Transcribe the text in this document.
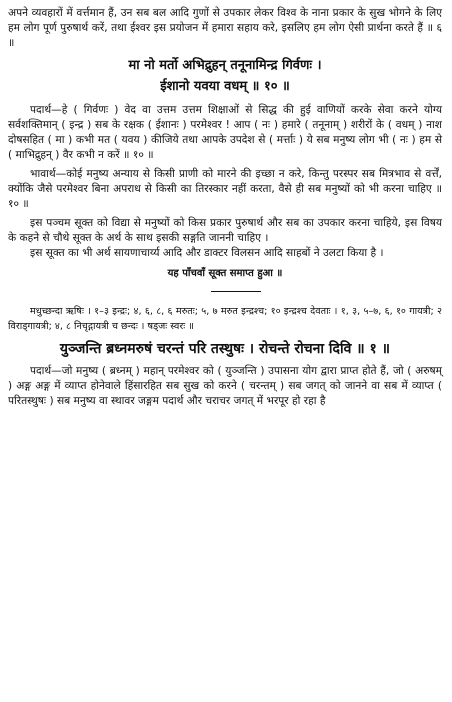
अपने व्यवहारों में वर्त्तमान हैं, उन सब बल आदि गुणों से उपकार लेकर विश्व के नाना प्रकार के सुख भोगने के लिए हम लोग पूर्ण पुरुषार्थ करें, तथा ईश्वर इस प्रयोजन में हमारा सहाय करे, इसलिए हम लोग ऐसी प्रार्थना करते हैं ॥ ६ ॥

मा नो मर्तो अभिद्रुहन् तनूनामिन्द्र गिर्वणः ।

ईशानो यवया वधम् ॥ १० ॥

पदार्थ—हे ( गिर्वणः ) वेद वा उत्तम उत्तम शिक्षाओं से सिद्ध की हुई वाणियों करके सेवा करने योग्य सर्वशक्तिमान् ( इन्द्र ) सब के रक्षक ( ईशानः ) परमेश्वर ! आप ( नः ) हमारे ( तनूनाम् ) शरीरों के ( वधम् ) नाश दोषसहित ( मा ) कभी मत ( यवय ) कीजिये तथा आपके उपदेश से ( मर्त्ताः ) ये सब मनुष्य लोग भी ( नः ) हम से ( माभिद्रुहन् ) वैर कभी न करें ॥ १० ॥

भावार्थ—कोई मनुष्य अन्याय से किसी प्राणी को मारने की इच्छा न करे, किन्तु परस्पर सब मित्रभाव से वर्त्तें, क्योंकि जैसे परमेश्वर बिना अपराध से किसी का तिरस्कार नहीं करता, वैसे ही सब मनुष्यों को भी करना चाहिए ॥ १० ॥

इस पञ्चम सूक्त को विद्या से मनुष्यों को किस प्रकार पुरुषार्थ और सब का उपकार करना चाहिये, इस विषय के कहने से चौथे सूक्त के अर्थ के साथ इसकी सङ्गति जाननी चाहिए ।

इस सूक्त का भी अर्थ सायणाचार्य्य आदि और डाक्टर विलसन आदि साहबों ने उलटा किया है ।

यह पाँचवाँ सूक्त समाप्त हुआ ॥

मधुच्छन्दा ऋषिः । १–३ इन्द्रः; ४, ६, ८, ६ मरुतः; ५, ७ मरुत इन्द्रश्च; १० इन्द्रश्च देवताः । १, ३, ५–७, ६, १० गायत्री; २ विराड्गायत्री; ४, ८ निचृद्गायत्री च छन्दः । षड्जः स्वरः ॥

युञ्जन्ति ब्रध्नमरुषं चरन्तं परि तस्थुषः । रोचन्ते रोचना दिवि ॥ १ ॥

पदार्थ—जो मनुष्य ( ब्रध्नम् ) महान् परमेश्वर को ( युञ्जन्ति ) उपासना योग द्वारा प्राप्त होते हैं, जो ( अरुषम् ) अङ्ग अङ्ग में व्याप्त होनेवाले हिंसारहित सब सुख को करने ( चरन्तम् ) सब जगत् को जानने वा सब में व्याप्त ( परितस्थुषः ) सब मनुष्य वा स्थावर जङ्गम पदार्थ और चराचर जगत् में भरपूर हो रहा है
